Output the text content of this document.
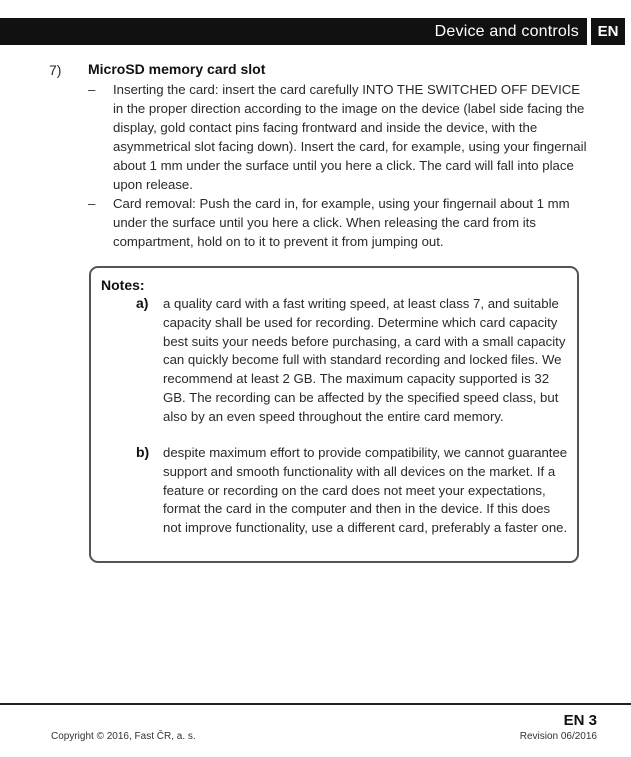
Device and controls	EN
7) MicroSD memory card slot
– Inserting the card: insert the card carefully INTO THE SWITCHED OFF DEVICE in the proper direction according to the image on the device (label side facing the display, gold contact pins facing frontward and inside the device, with the asymmetrical slot facing down). Insert the card, for example, using your fingernail about 1 mm under the surface until you here a click. The card will fall into place upon release.
– Card removal: Push the card in, for example, using your fingernail about 1 mm under the surface until you here a click. When releasing the card from its compartment, hold on to it to prevent it from jumping out.
Notes:
a) a quality card with a fast writing speed, at least class 7, and suitable capacity shall be used for recording. Determine which card capacity best suits your needs before purchasing, a card with a small capacity can quickly become full with standard recording and locked files. We recommend at least 2 GB. The maximum capacity supported is 32 GB. The recording can be affected by the specified speed class, but also by an even speed throughout the entire card memory.
b) despite maximum effort to provide compatibility, we cannot guarantee support and smooth functionality with all devices on the market. If a feature or recording on the card does not meet your expectations, format the card in the computer and then in the device. If this does not improve functionality, use a different card, preferably a faster one.
EN 3
Copyright © 2016, Fast ČR, a. s.	Revision 06/2016
